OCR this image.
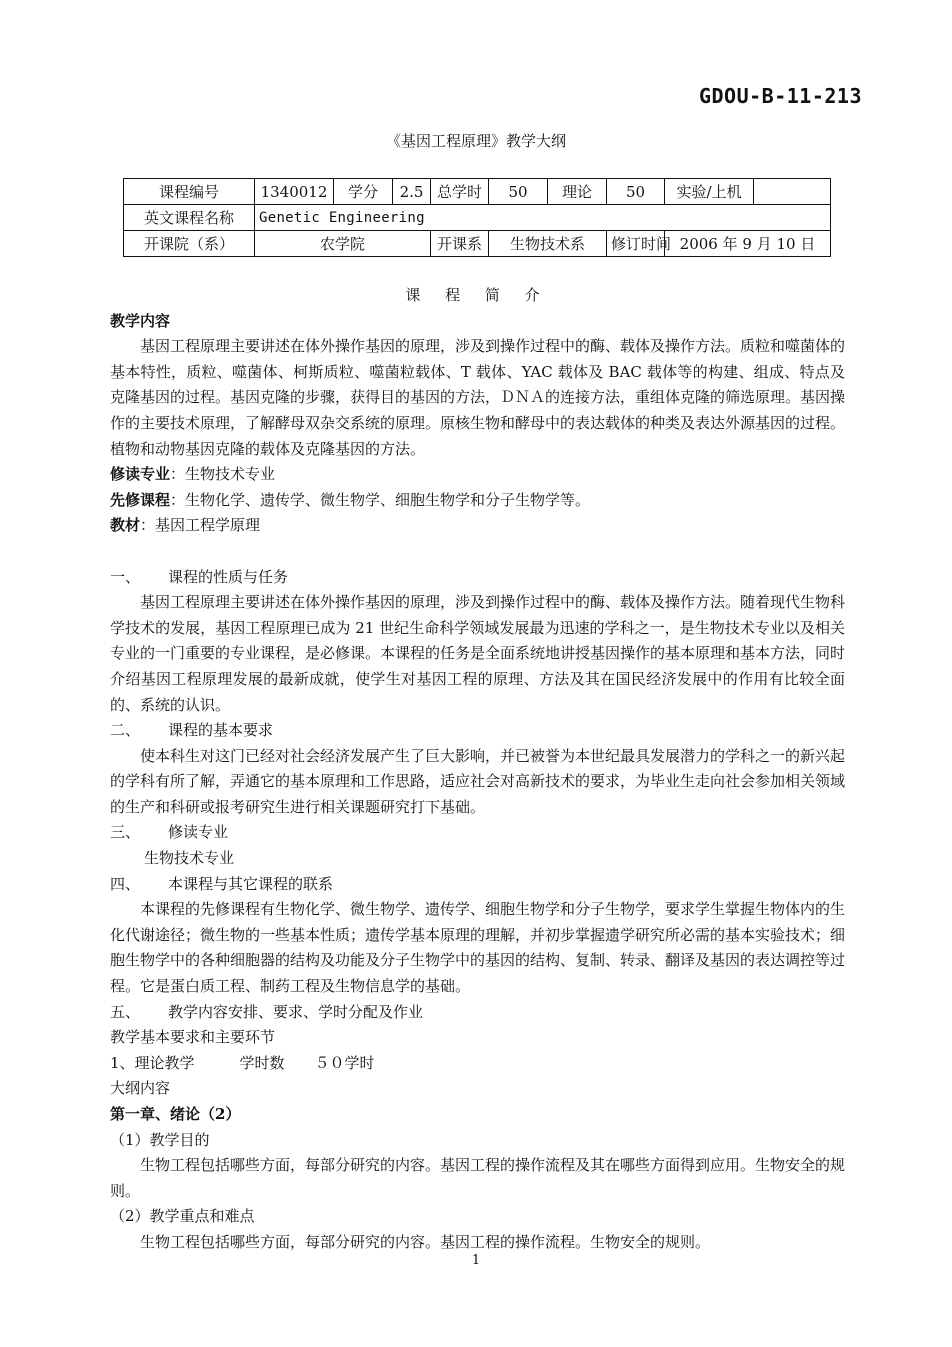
GDOU-B-11-213
《基因工程原理》教学大纲
课程编号	1340012	学分	2.5	总学时	50	理论	50	实验/上机	
英文课程名称	Genetic Engineering								
开课院（系）	农学院			开课系	生物技术系		修订时间	2006 年 9 月 10 日	

课 程 简 介

教学内容

基因工程原理主要讲述在体外操作基因的原理，涉及到操作过程中的酶、载体及操作方法。质粒和噬菌体的基本特性，质粒、噬菌体、柯斯质粒、噬菌粒载体、T 载体、YAC 载体及 BAC 载体等的构建、组成、特点及克隆基因的过程。基因克隆的步骤，获得目的基因的方法，ＤＮＡ的连接方法，重组体克隆的筛选原理。基因操作的主要技术原理，了解酵母双杂交系统的原理。原核生物和酵母中的表达载体的种类及表达外源基因的过程。植物和动物基因克隆的载体及克隆基因的方法。

修读专业：生物技术专业

先修课程：生物化学、遗传学、微生物学、细胞生物学和分子生物学等。

教材：基因工程学原理

一、 课程的性质与任务

基因工程原理主要讲述在体外操作基因的原理，涉及到操作过程中的酶、载体及操作方法。随着现代生物科学技术的发展，基因工程原理已成为 21 世纪生命科学领域发展最为迅速的学科之一，是生物技术专业以及相关专业的一门重要的专业课程，是必修课。本课程的任务是全面系统地讲授基因操作的基本原理和基本方法，同时介绍基因工程原理发展的最新成就，使学生对基因工程的原理、方法及其在国民经济发展中的作用有比较全面的、系统的认识。

二、 课程的基本要求

使本科生对这门已经对社会经济发展产生了巨大影响，并已被誉为本世纪最具发展潜力的学科之一的新兴起的学科有所了解，弄通它的基本原理和工作思路，适应社会对高新技术的要求，为毕业生走向社会参加相关领域的生产和科研或报考研究生进行相关课题研究打下基础。

三、 修读专业

生物技术专业

四、 本课程与其它课程的联系

本课程的先修课程有生物化学、微生物学、遗传学、细胞生物学和分子生物学，要求学生掌握生物体内的生化代谢途径；微生物的一些基本性质；遗传学基本原理的理解，并初步掌握遗学研究所必需的基本实验技术；细胞生物学中的各种细胞器的结构及功能及分子生物学中的基因的结构、复制、转录、翻译及基因的表达调控等过程。它是蛋白质工程、制药工程及生物信息学的基础。

五、 教学内容安排、要求、学时分配及作业

教学基本要求和主要环节

1、理论教学　　　学时数　　５０学时

大纲内容

第一章、绪论（2）

（1）教学目的

生物工程包括哪些方面，每部分研究的内容。基因工程的操作流程及其在哪些方面得到应用。生物安全的规则。

（2）教学重点和难点

生物工程包括哪些方面，每部分研究的内容。基因工程的操作流程。生物安全的规则。

1
